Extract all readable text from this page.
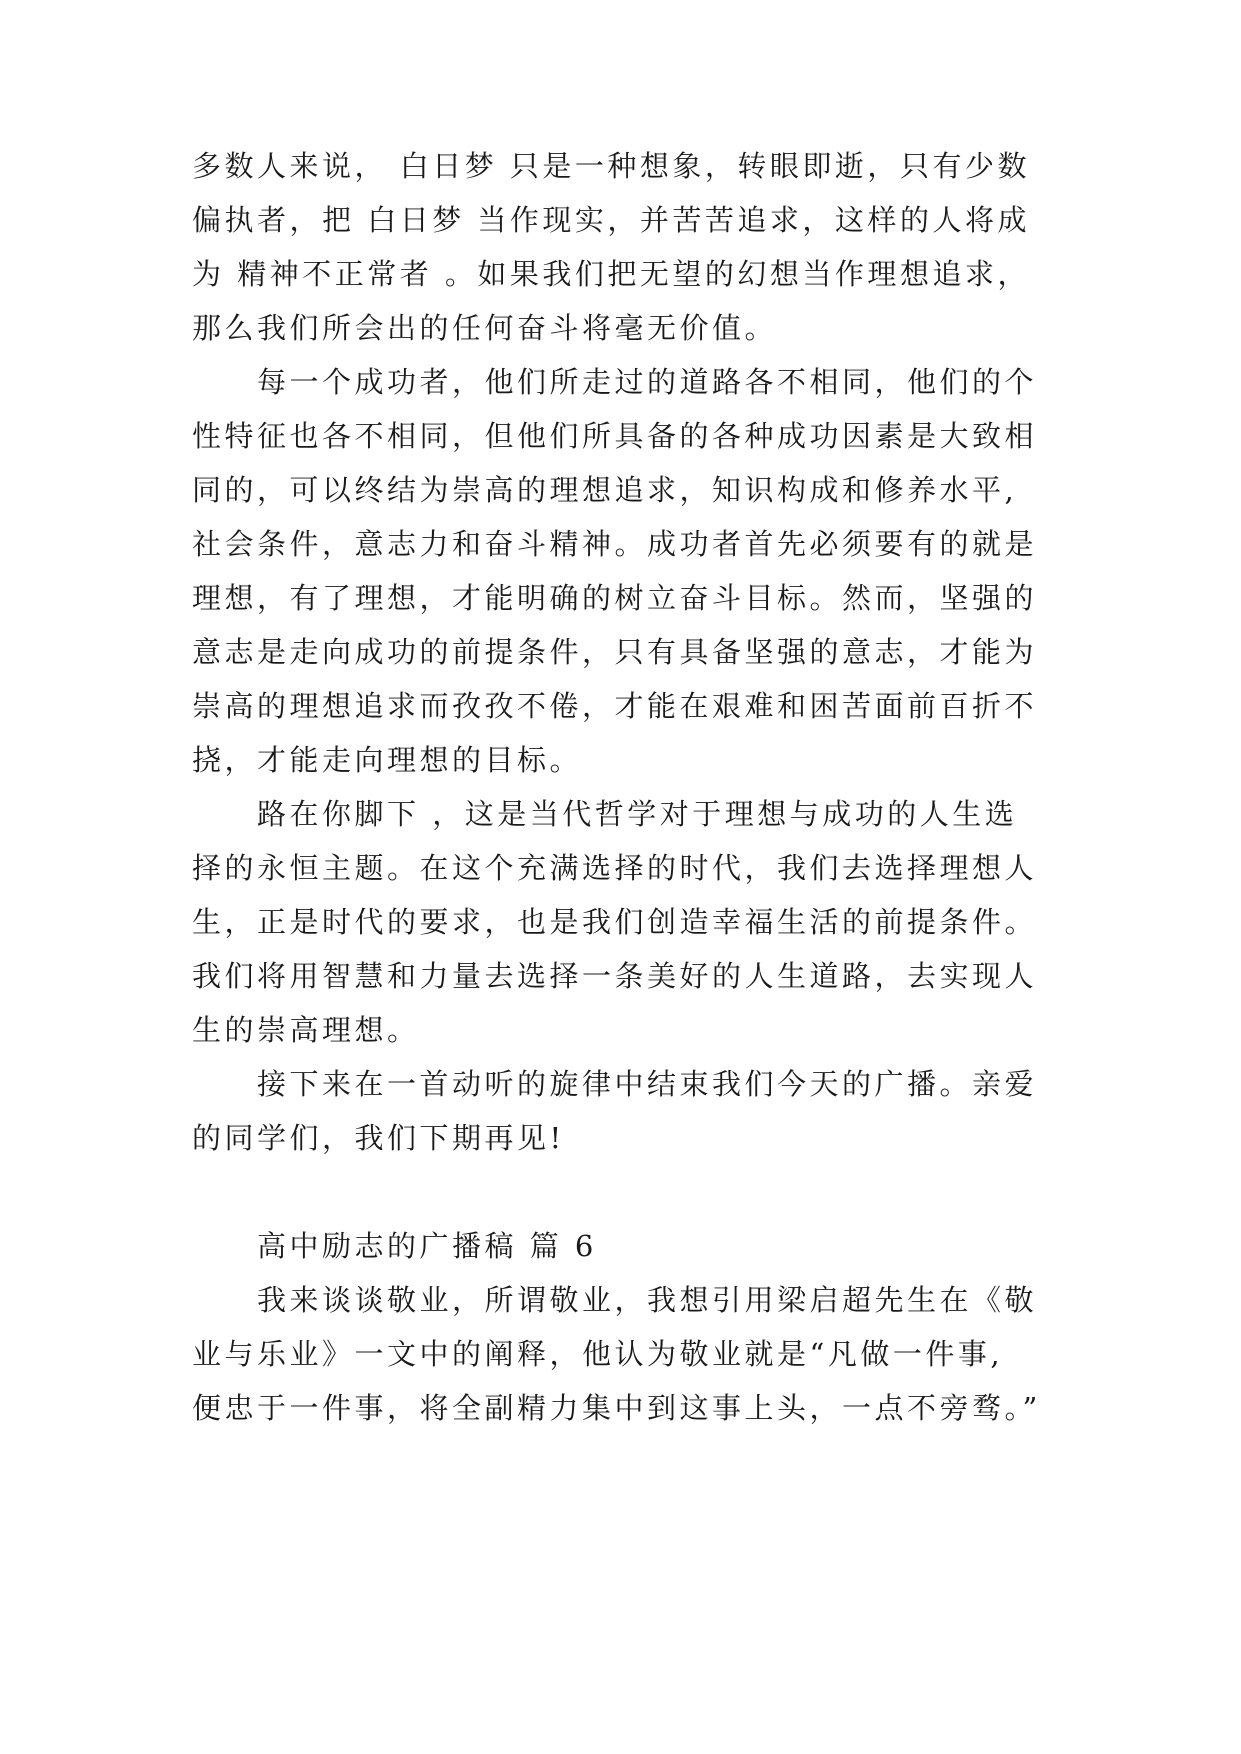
多数人来说， 白日梦 只是一种想象，转眼即逝，只有少数
偏执者，把 白日梦 当作现实，并苦苦追求，这样的人将成
为 精神不正常者 。如果我们把无望的幻想当作理想追求，
那么我们所会出的任何奋斗将毫无价值。
每一个成功者，他们所走过的道路各不相同，他们的个
性特征也各不相同，但他们所具备的各种成功因素是大致相
同的，可以终结为崇高的理想追求，知识构成和修养水平,
社会条件，意志力和奋斗精神。成功者首先必须要有的就是
理想，有了理想，才能明确的树立奋斗目标。然而，坚强的
意志是走向成功的前提条件，只有具备坚强的意志，才能为
崇高的理想追求而孜孜不倦，才能在艰难和困苦面前百折不
挠，才能走向理想的目标。
路在你脚下 ，这是当代哲学对于理想与成功的人生选
择的永恒主题。在这个充满选择的时代，我们去选择理想人
生，正是时代的要求，也是我们创造幸福生活的前提条件。
我们将用智慧和力量去选择一条美好的人生道路，去实现人
生的崇高理想。
接下来在一首动听的旋律中结束我们今天的广播。亲爱
的同学们，我们下期再见!
高中励志的广播稿 篇 6
我来谈谈敬业，所谓敬业，我想引用梁启超先生在《敬
业与乐业》一文中的阐释，他认为敬业就是“凡做一件事,
便忠于一件事，将全副精力集中到这事上头，一点不旁骛。”
